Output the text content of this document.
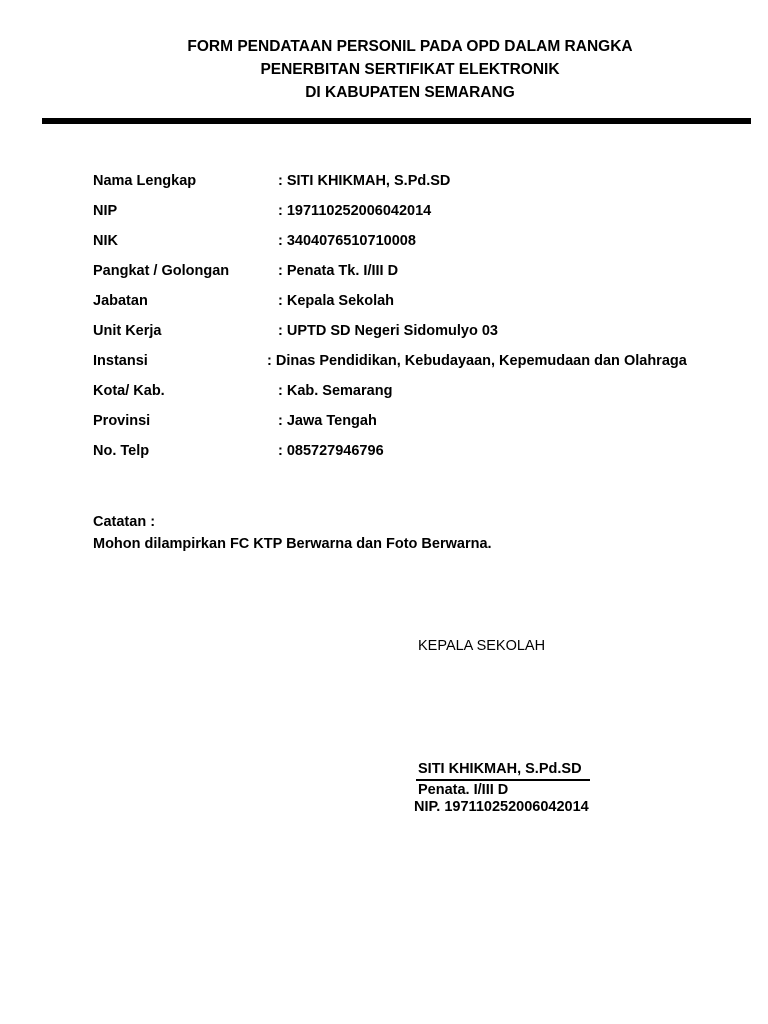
FORM PENDATAAN PERSONIL PADA OPD DALAM RANGKA
PENERBITAN SERTIFIKAT ELEKTRONIK
DI KABUPATEN SEMARANG
Nama Lengkap	: SITI KHIKMAH, S.Pd.SD
NIP	: 197110252006042014
NIK	: 3404076510710008
Pangkat / Golongan	: Penata Tk. I/III D
Jabatan	: Kepala Sekolah
Unit Kerja	: UPTD SD Negeri Sidomulyo 03
Instansi	: Dinas Pendidikan, Kebudayaan, Kepemudaan dan Olahraga
Kota/ Kab.	: Kab. Semarang
Provinsi	: Jawa Tengah
No. Telp	: 085727946796
Catatan :
Mohon dilampirkan FC KTP Berwarna dan Foto Berwarna.
KEPALA SEKOLAH
SITI KHIKMAH, S.Pd.SD
Penata. I/III D
NIP. 197110252006042014
